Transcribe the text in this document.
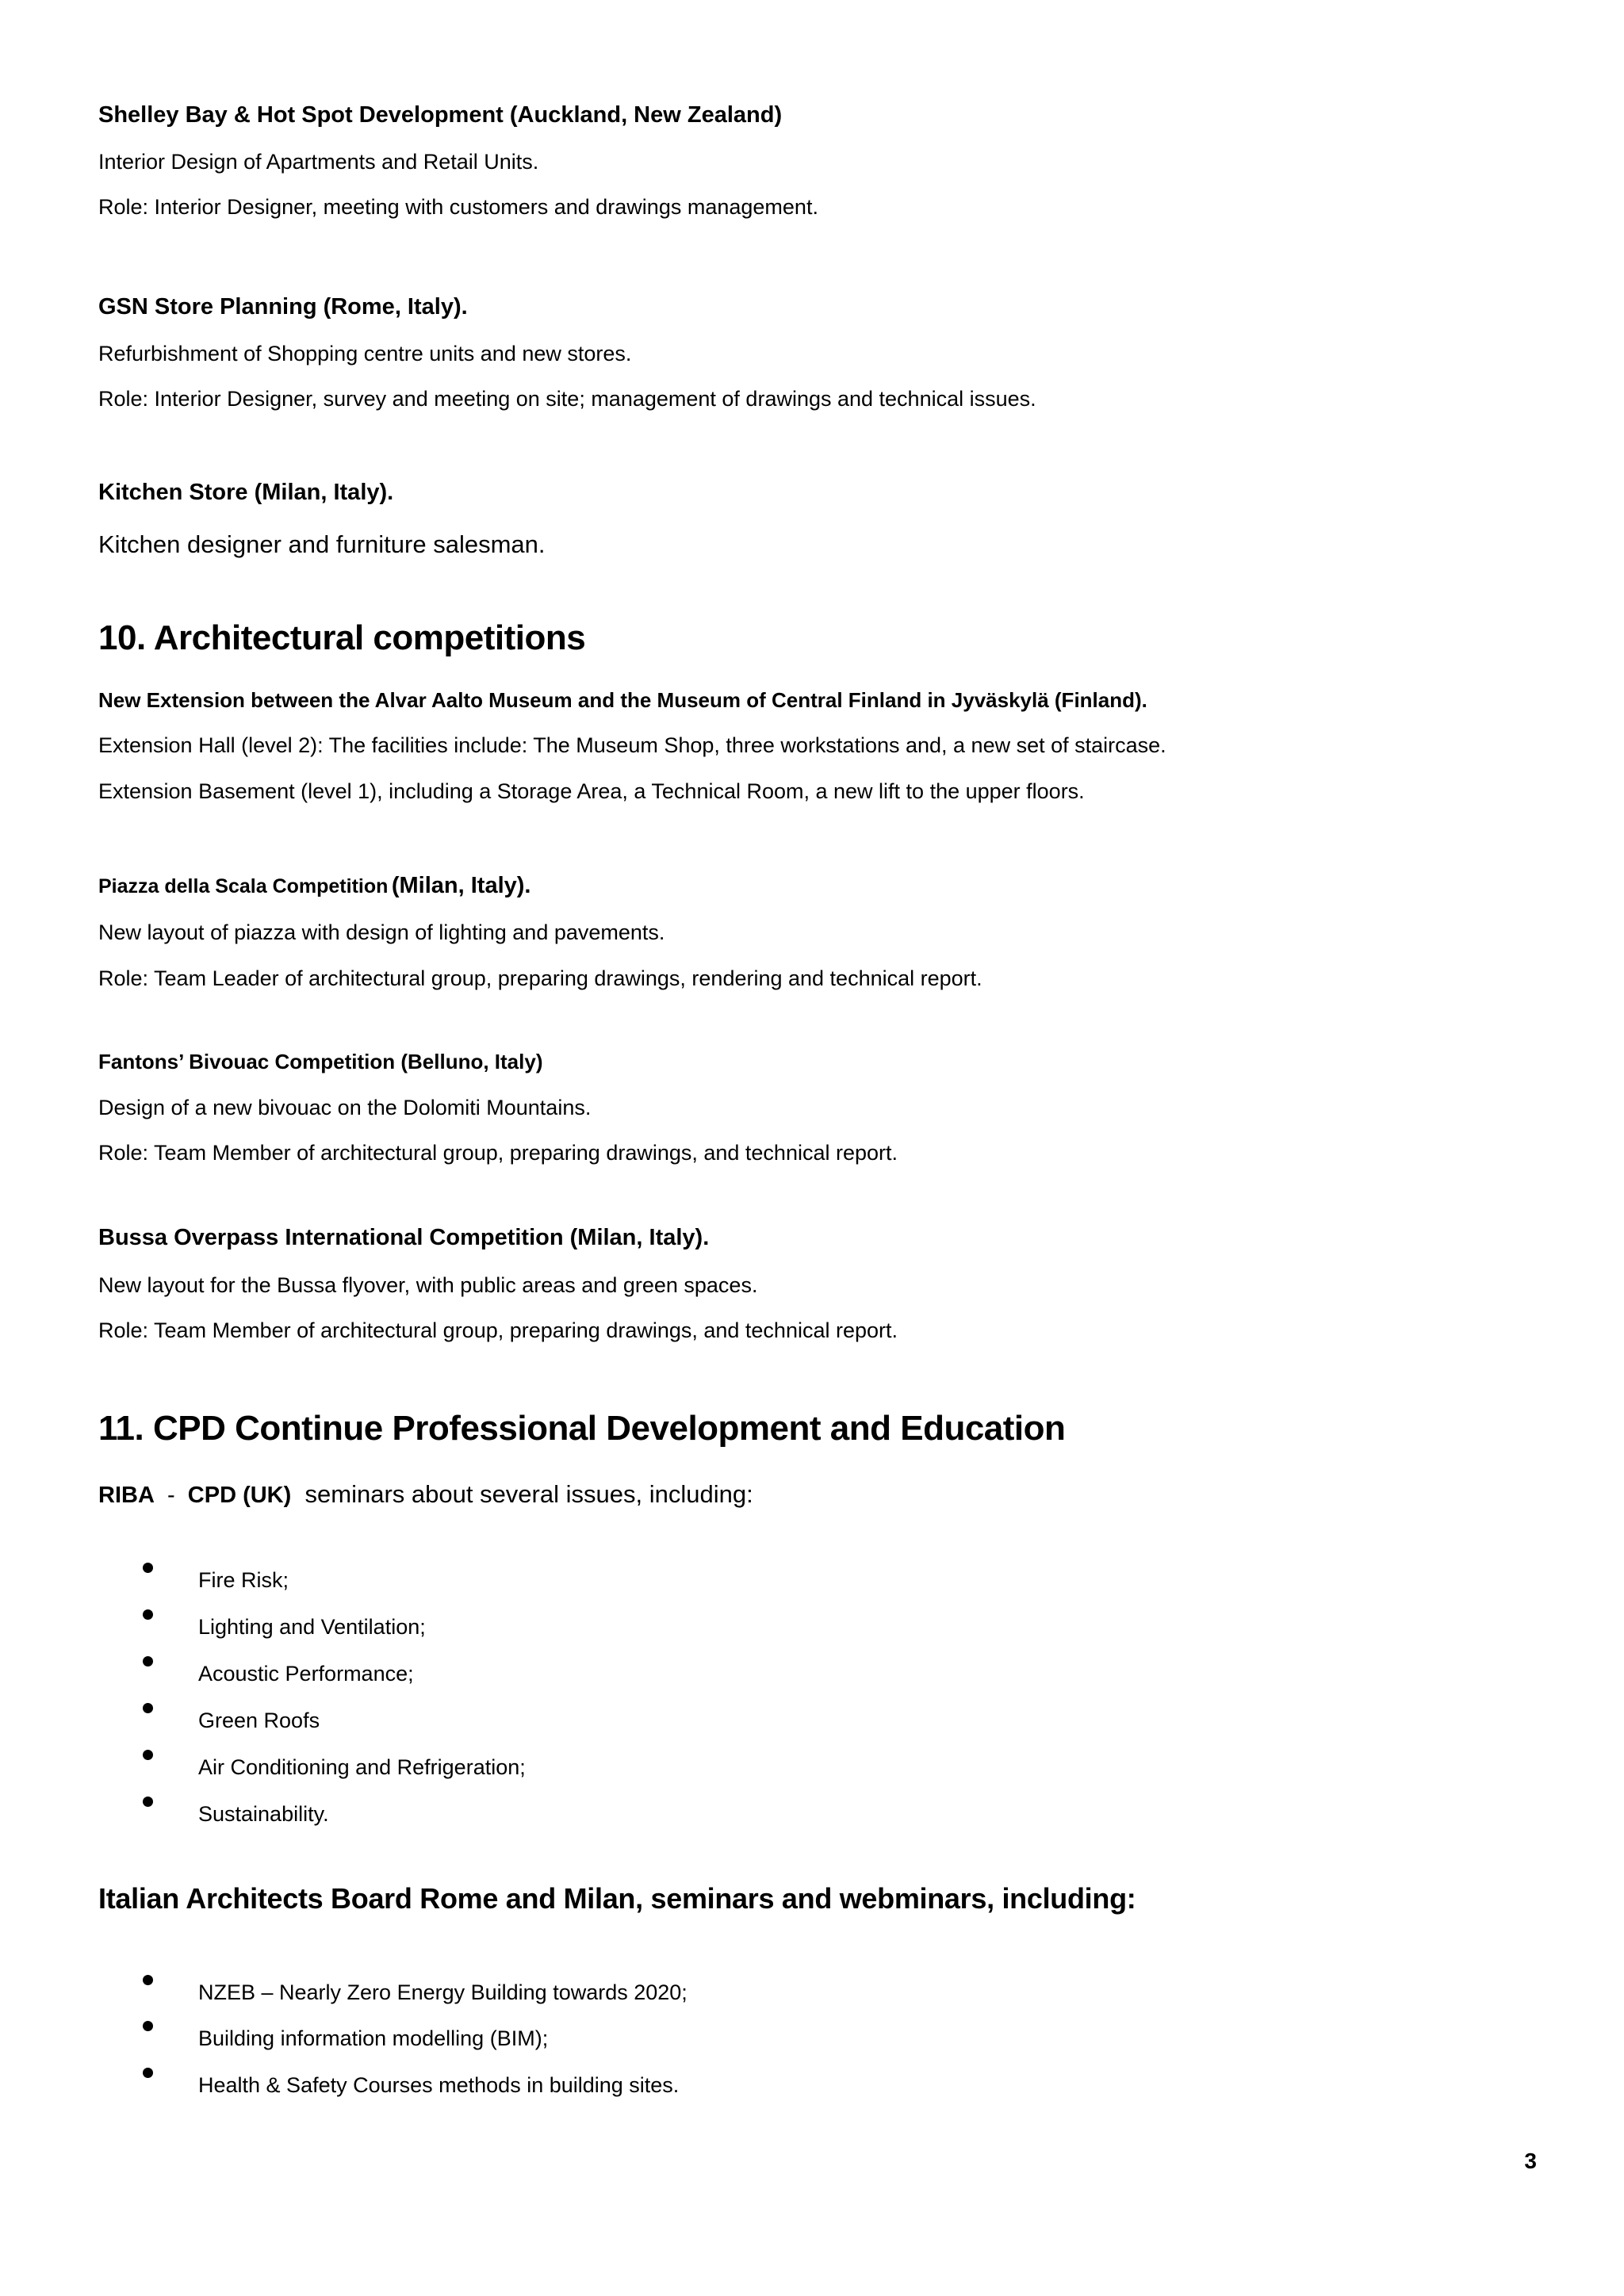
Shelley Bay & Hot Spot Development (Auckland, New Zealand)
Interior Design of Apartments and Retail Units.
Role: Interior Designer, meeting with customers and drawings management.
GSN Store Planning (Rome, Italy).
Refurbishment of Shopping centre units and new stores.
Role: Interior Designer, survey and meeting on site; management of drawings and technical issues.
Kitchen Store (Milan, Italy).
Kitchen designer and furniture salesman.
10. Architectural competitions
New Extension between the Alvar Aalto Museum and the Museum of Central Finland in Jyväskylä (Finland).
Extension Hall (level 2): The facilities include: The Museum Shop, three workstations and, a new set of staircase.
Extension Basement (level 1), including a Storage Area, a Technical Room, a new lift to the upper floors.
Piazza della Scala Competition (Milan, Italy).
New layout of piazza with design of lighting and pavements.
Role: Team Leader of architectural group, preparing drawings, rendering and technical report.
Fantons’ Bivouac Competition (Belluno, Italy)
Design of a new bivouac on the Dolomiti Mountains.
Role: Team Member of architectural group, preparing drawings, and technical report.
Bussa Overpass International Competition (Milan, Italy).
New layout for the Bussa flyover, with public areas and green spaces.
Role: Team Member of architectural group, preparing drawings, and technical report.
11. CPD Continue Professional Development and Education
RIBA  -  CPD (UK)  seminars about several issues, including:
Fire Risk;
Lighting and Ventilation;
Acoustic Performance;
Green Roofs
Air Conditioning and Refrigeration;
Sustainability.
Italian Architects Board Rome and Milan, seminars and webminars, including:
NZEB – Nearly Zero Energy Building towards 2020;
Building information modelling (BIM);
Health & Safety Courses methods in building sites.
3
